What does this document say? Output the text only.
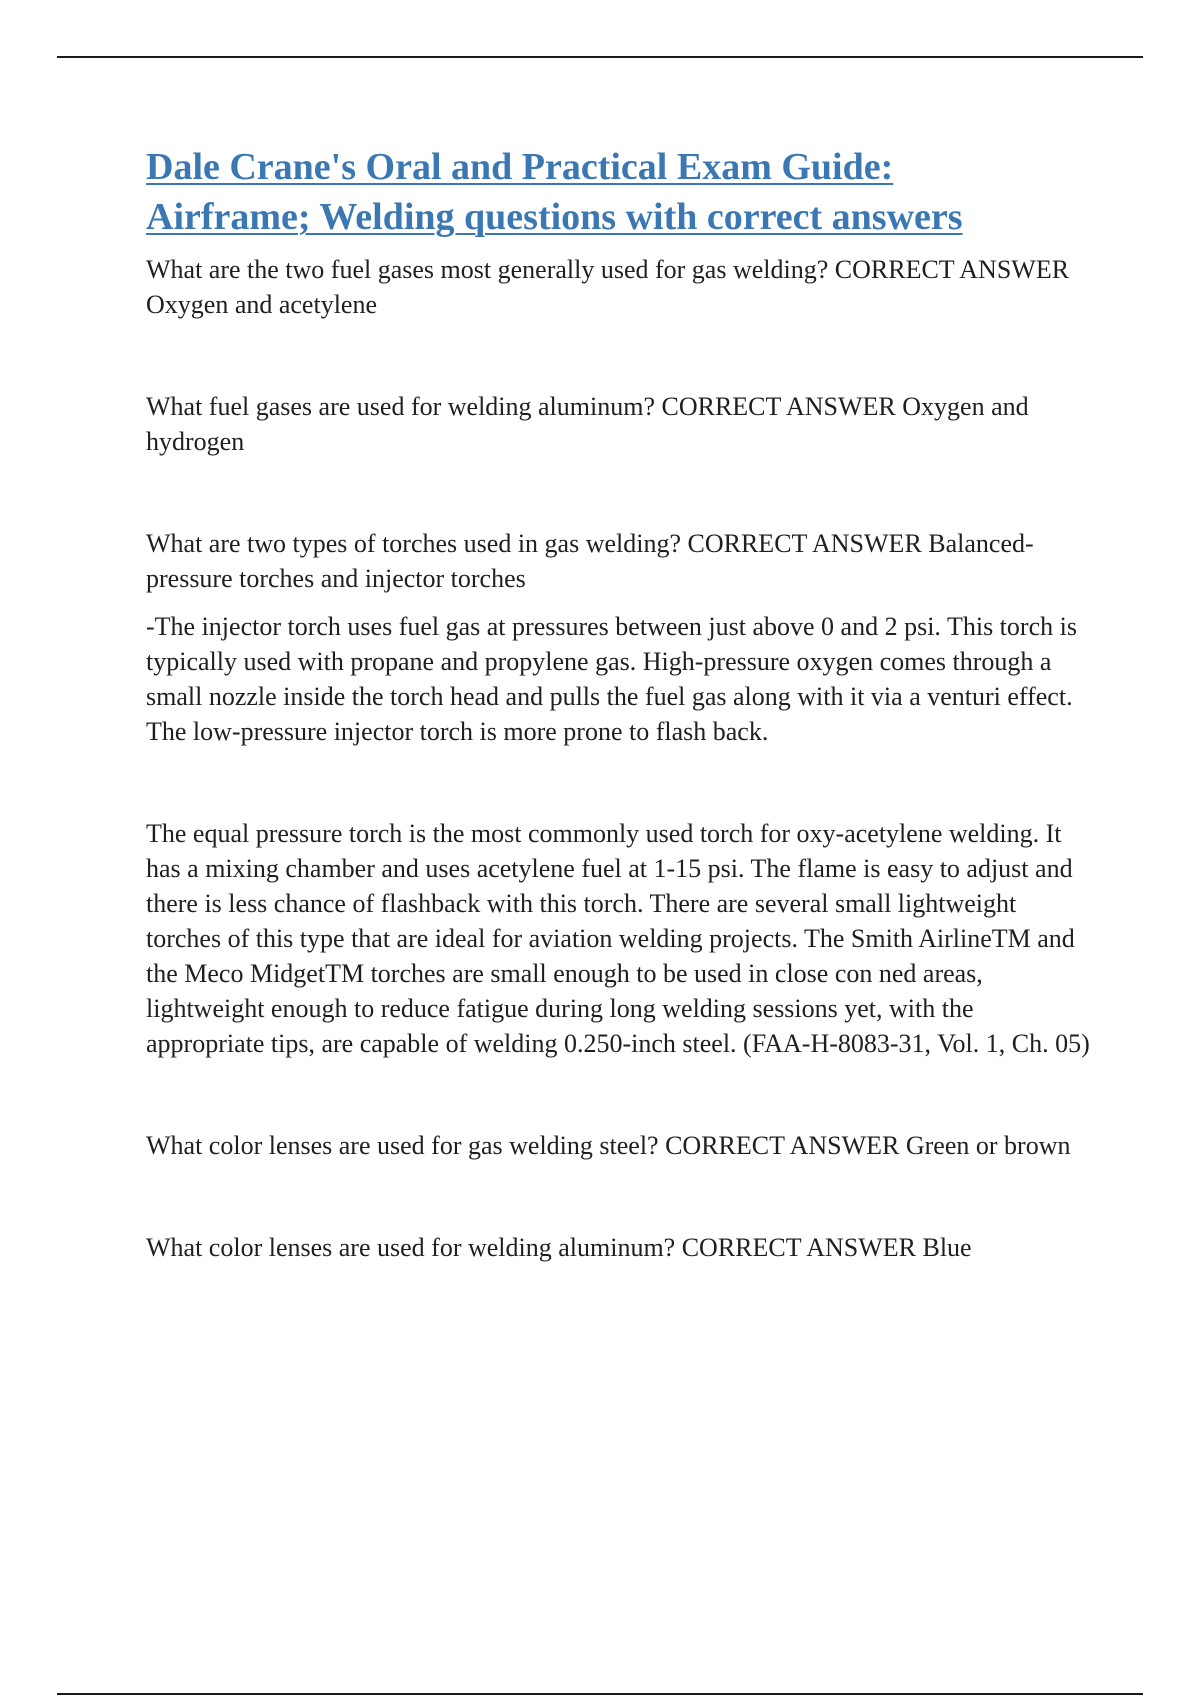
Dale Crane's Oral and Practical Exam Guide:
Airframe; Welding questions with correct answers

What are the two fuel gases most generally used for gas welding? CORRECT ANSWER Oxygen and acetylene

What fuel gases are used for welding aluminum? CORRECT ANSWER Oxygen and hydrogen

What are two types of torches used in gas welding? CORRECT ANSWER Balanced-pressure torches and injector torches

-The injector torch uses fuel gas at pressures between just above 0 and 2 psi. This torch is typically used with propane and propylene gas. High-pressure oxygen comes through a small nozzle inside the torch head and pulls the fuel gas along with it via a venturi effect. The low-pressure injector torch is more prone to flash back.

The equal pressure torch is the most commonly used torch for oxy-acetylene welding. It has a mixing chamber and uses acetylene fuel at 1-15 psi. The flame is easy to adjust and there is less chance of flashback with this torch. There are several small lightweight torches of this type that are ideal for aviation welding projects. The Smith AirlineTM and the Meco MidgetTM torches are small enough to be used in close con ned areas, lightweight enough to reduce fatigue during long welding sessions yet, with the appropriate tips, are capable of welding 0.250-inch steel. (FAA-H-8083-31, Vol. 1, Ch. 05)

What color lenses are used for gas welding steel? CORRECT ANSWER Green or brown

What color lenses are used for welding aluminum? CORRECT ANSWER Blue
